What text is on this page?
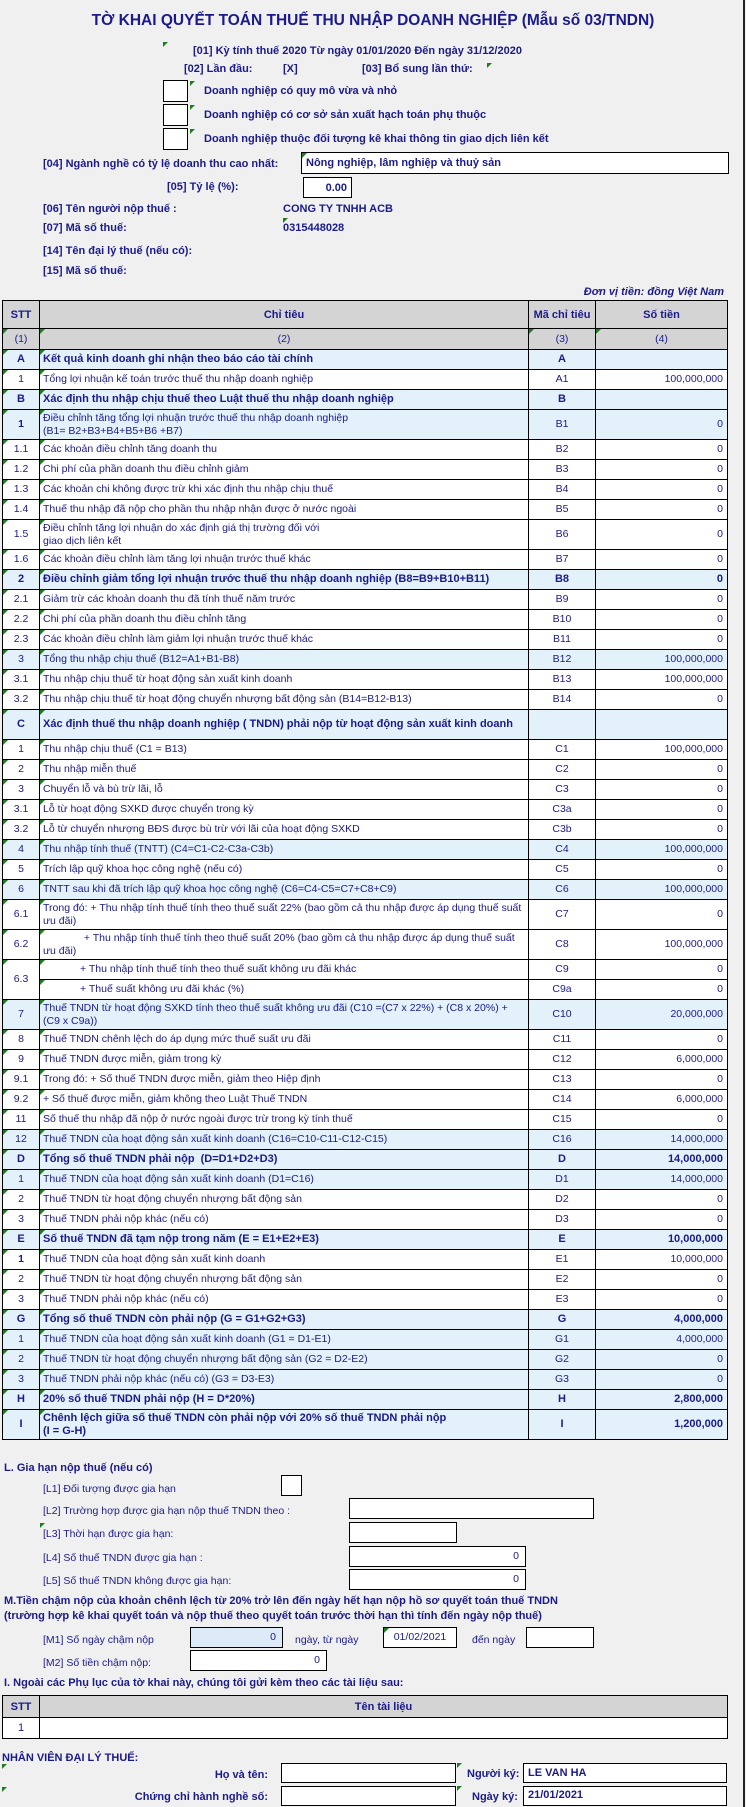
TỜ KHAI QUYẾT TOÁN THUẾ THU NHẬP DOANH NGHIỆP (Mẫu số 03/TNDN)
[01] Kỳ tính thuế 2020 Từ ngày 01/01/2020 Đến ngày 31/12/2020
[02] Lần đầu:	[X]	[03] Bổ sung lần thứ:
Doanh nghiệp có quy mô vừa và nhỏ
Doanh nghiệp có cơ sở sản xuất hạch toán phụ thuộc
Doanh nghiệp thuộc đối tượng kê khai thông tin giao dịch liên kết
[04] Ngành nghề có tỷ lệ doanh thu cao nhất:	Nông nghiệp, lâm nghiệp và thuỷ sản
[05] Tỷ lệ (%):	0.00
[06] Tên người nộp thuế :	CONG TY TNHH ACB
[07] Mã số thuế:	0315448028
[14] Tên đại lý thuế (nếu có):
[15] Mã số thuế:
Đơn vị tiền: đồng Việt Nam
STT	Chỉ tiêu	Mã chỉ tiêu	Số tiền
(1)	(2)	(3)	(4)
A	Kết quả kinh doanh ghi nhận theo báo cáo tài chính	A	
1	Tổng lợi nhuận kế toán trước thuế thu nhập doanh nghiệp	A1	100,000,000
B	Xác định thu nhập chịu thuế theo Luật thuế thu nhập doanh nghiệp	B	
1	Điều chỉnh tăng tổng lợi nhuận trước thuế thu nhập doanh nghiệp
(B1= B2+B3+B4+B5+B6 +B7)	B1	0
1.1	Các khoản điều chỉnh tăng doanh thu	B2	0
1.2	Chi phí của phần doanh thu điều chỉnh giảm	B3	0
1.3	Các khoản chi không được trừ khi xác định thu nhập chịu thuế	B4	0
1.4	Thuế thu nhập đã nộp cho phần thu nhập nhận được ở nước ngoài	B5	0
1.5	Điều chỉnh tăng lợi nhuận do xác định giá thị trường đối với
giao dịch liên kết	B6	0
1.6	Các khoản điều chỉnh làm tăng lợi nhuận trước thuế khác	B7	0
2	Điều chỉnh giảm tổng lợi nhuận trước thuế thu nhập doanh nghiệp (B8=B9+B10+B11)	B8	0
2.1	Giảm trừ các khoản doanh thu đã tính thuế năm trước	B9	0
2.2	Chi phí của phần doanh thu điều chỉnh tăng	B10	0
2.3	Các khoản điều chỉnh làm giảm lợi nhuận trước thuế khác	B11	0
3	Tổng thu nhập chịu thuế (B12=A1+B1-B8)	B12	100,000,000
3.1	Thu nhập chịu thuế từ hoạt động sản xuất kinh doanh	B13	100,000,000
3.2	Thu nhập chịu thuế từ hoạt động chuyển nhượng bất động sản (B14=B12-B13)	B14	0
C	Xác định thuế thu nhập doanh nghiệp ( TNDN) phải nộp từ hoạt động sản xuất kinh doanh		
1	Thu nhập chịu thuế (C1 = B13)	C1	100,000,000
2	Thu nhập miễn thuế	C2	0
3	Chuyển lỗ và bù trừ lãi, lỗ	C3	0
3.1	Lỗ từ hoạt động SXKD được chuyển trong kỳ	C3a	0
3.2	Lỗ từ chuyển nhượng BĐS được bù trừ với lãi của hoạt động SXKD	C3b	0
4	Thu nhập tính thuế (TNTT) (C4=C1-C2-C3a-C3b)	C4	100,000,000
5	Trích lập quỹ khoa học công nghệ (nếu có)	C5	0
6	TNTT sau khi đã trích lập quỹ khoa học công nghệ (C6=C4-C5=C7+C8+C9)	C6	100,000,000
6.1	Trong đó: + Thu nhập tính thuế tính theo thuế suất 22% (bao gồm cả thu nhập được áp dụng thuế suất ưu đãi)	C7	0
6.2	+ Thu nhập tính thuế tính theo thuế suất 20% (bao gồm cả thu nhập được áp dụng thuế suất ưu đãi)	C8	100,000,000
6.3	+ Thu nhập tính thuế tính theo thuế suất không ưu đãi khác	C9	0
	+ Thuế suất không ưu đãi khác (%)	C9a	0
7	Thuế TNDN từ hoạt động SXKD tính theo thuế suất không ưu đãi (C10 =(C7 x 22%) + (C8 x 20%) + (C9 x C9a))	C10	20,000,000
8	Thuế TNDN chênh lệch do áp dụng mức thuế suất ưu đãi	C11	0
9	Thuế TNDN được miễn, giảm trong kỳ	C12	6,000,000
9.1	Trong đó: + Số thuế TNDN được miễn, giảm theo Hiệp định	C13	0
9.2	+ Số thuế được miễn, giảm không theo Luật Thuế TNDN	C14	6,000,000
11	Số thuế thu nhập đã nộp ở nước ngoài được trừ trong kỳ tính thuế	C15	0
12	Thuế TNDN của hoạt động sản xuất kinh doanh (C16=C10-C11-C12-C15)	C16	14,000,000
D	Tổng số thuế TNDN phải nộp  (D=D1+D2+D3)	D	14,000,000
1	Thuế TNDN của hoạt động sản xuất kinh doanh (D1=C16)	D1	14,000,000
2	Thuế TNDN từ hoạt động chuyển nhượng bất động sản	D2	0
3	Thuế TNDN phải nộp khác (nếu có)	D3	0
E	Số thuế TNDN đã tạm nộp trong năm (E = E1+E2+E3)	E	10,000,000
1	Thuế TNDN của hoạt động sản xuất kinh doanh	E1	10,000,000
2	Thuế TNDN từ hoạt động chuyển nhượng bất động sản	E2	0
3	Thuế TNDN phải nộp khác (nếu có)	E3	0
G	Tổng số thuế TNDN còn phải nộp (G = G1+G2+G3)	G	4,000,000
1	Thuế TNDN của hoạt động sản xuất kinh doanh (G1 = D1-E1)	G1	4,000,000
2	Thuế TNDN từ hoạt động chuyển nhượng bất động sản (G2 = D2-E2)	G2	0
3	Thuế TNDN phải nộp khác (nếu có) (G3 = D3-E3)	G3	0
H	20% số thuế TNDN phải nộp (H = D*20%)	H	2,800,000
I	Chênh lệch giữa số thuế TNDN còn phải nộp với 20% số thuế TNDN phải nộp
(I = G-H)	I	1,200,000
L. Gia hạn nộp thuế (nếu có)
[L1] Đối tượng được gia hạn
[L2] Trường hợp được gia hạn nộp thuế TNDN theo :
[L3] Thời hạn được gia hạn:
[L4] Số thuế TNDN được gia hạn :	0
[L5] Số thuế TNDN không được gia hạn:	0
M.Tiền chậm nộp của khoản chênh lệch từ 20% trở lên đến ngày hết hạn nộp hồ sơ quyết toán thuế TNDN
(trường hợp kê khai quyết toán và nộp thuế theo quyết toán trước thời hạn thì tính đến ngày nộp thuế)
[M1] Số ngày chậm nộp	0	ngày, từ ngày	01/02/2021	đến ngày
[M2] Số tiền chậm nộp:	0
I. Ngoài các Phụ lục của tờ khai này, chúng tôi gửi kèm theo các tài liệu sau:
STT	Tên tài liệu
1	
NHÂN VIÊN ĐẠI LÝ THUẾ:
Họ và tên:
Chứng chỉ hành nghề số:
Người ký: LE VAN HA
Ngày ký: 21/01/2021
